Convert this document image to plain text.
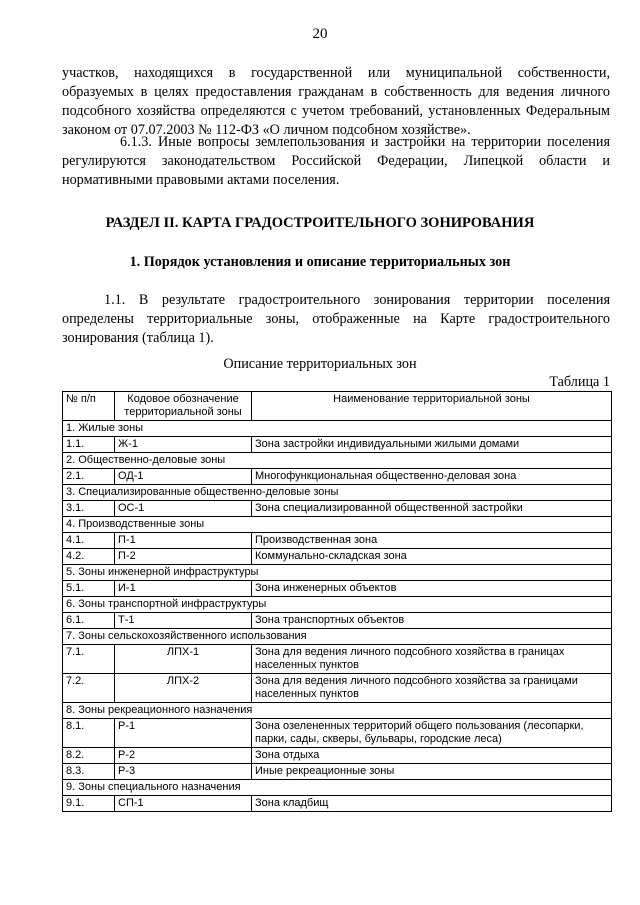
20
участков, находящихся в государственной или муниципальной собственности, образуемых в целях предоставления гражданам в собственность для ведения личного подсобного хозяйства определяются с учетом требований, установленных Федеральным законом от 07.07.2003 № 112-ФЗ «О личном подсобном хозяйстве».
6.1.3. Иные вопросы землепользования и застройки на территории поселения регулируются законодательством Российской Федерации, Липецкой области и нормативными правовыми актами поселения.
РАЗДЕЛ II. КАРТА ГРАДОСТРОИТЕЛЬНОГО ЗОНИРОВАНИЯ
1. Порядок установления и описание территориальных зон
1.1. В результате градостроительного зонирования территории поселения определены территориальные зоны, отображенные на Карте градостроительного зонирования (таблица 1).
Описание территориальных зон
Таблица 1
№ п/п	Кодовое обозначение территориальной зоны	Наименование территориальной зоны
1. Жилые зоны		
1.1.	Ж-1	Зона застройки индивидуальными жилыми домами
2. Общественно-деловые зоны		
2.1.	ОД-1	Многофункциональная общественно-деловая зона
3. Специализированные общественно-деловые зоны		
3.1.	ОС-1	Зона специализированной общественной застройки
4. Производственные зоны		
4.1.	П-1	Производственная зона
4.2.	П-2	Коммунально-складская зона
5. Зоны инженерной инфраструктуры		
5.1.	И-1	Зона инженерных объектов
6. Зоны транспортной инфраструктуры		
6.1.	Т-1	Зона транспортных объектов
7. Зоны сельскохозяйственного использования		
7.1.	ЛПХ-1	Зона для ведения личного подсобного хозяйства в границах населенных пунктов
7.2.	ЛПХ-2	Зона для ведения личного подсобного хозяйства за границами населенных пунктов
8. Зоны рекреационного назначения		
8.1.	Р-1	Зона озелененных территорий общего пользования (лесопарки, парки, сады, скверы, бульвары, городские леса)
8.2.	Р-2	Зона отдыха
8.3.	Р-3	Иные рекреационные зоны
9. Зоны специального назначения		
9.1.	СП-1	Зона кладбищ
